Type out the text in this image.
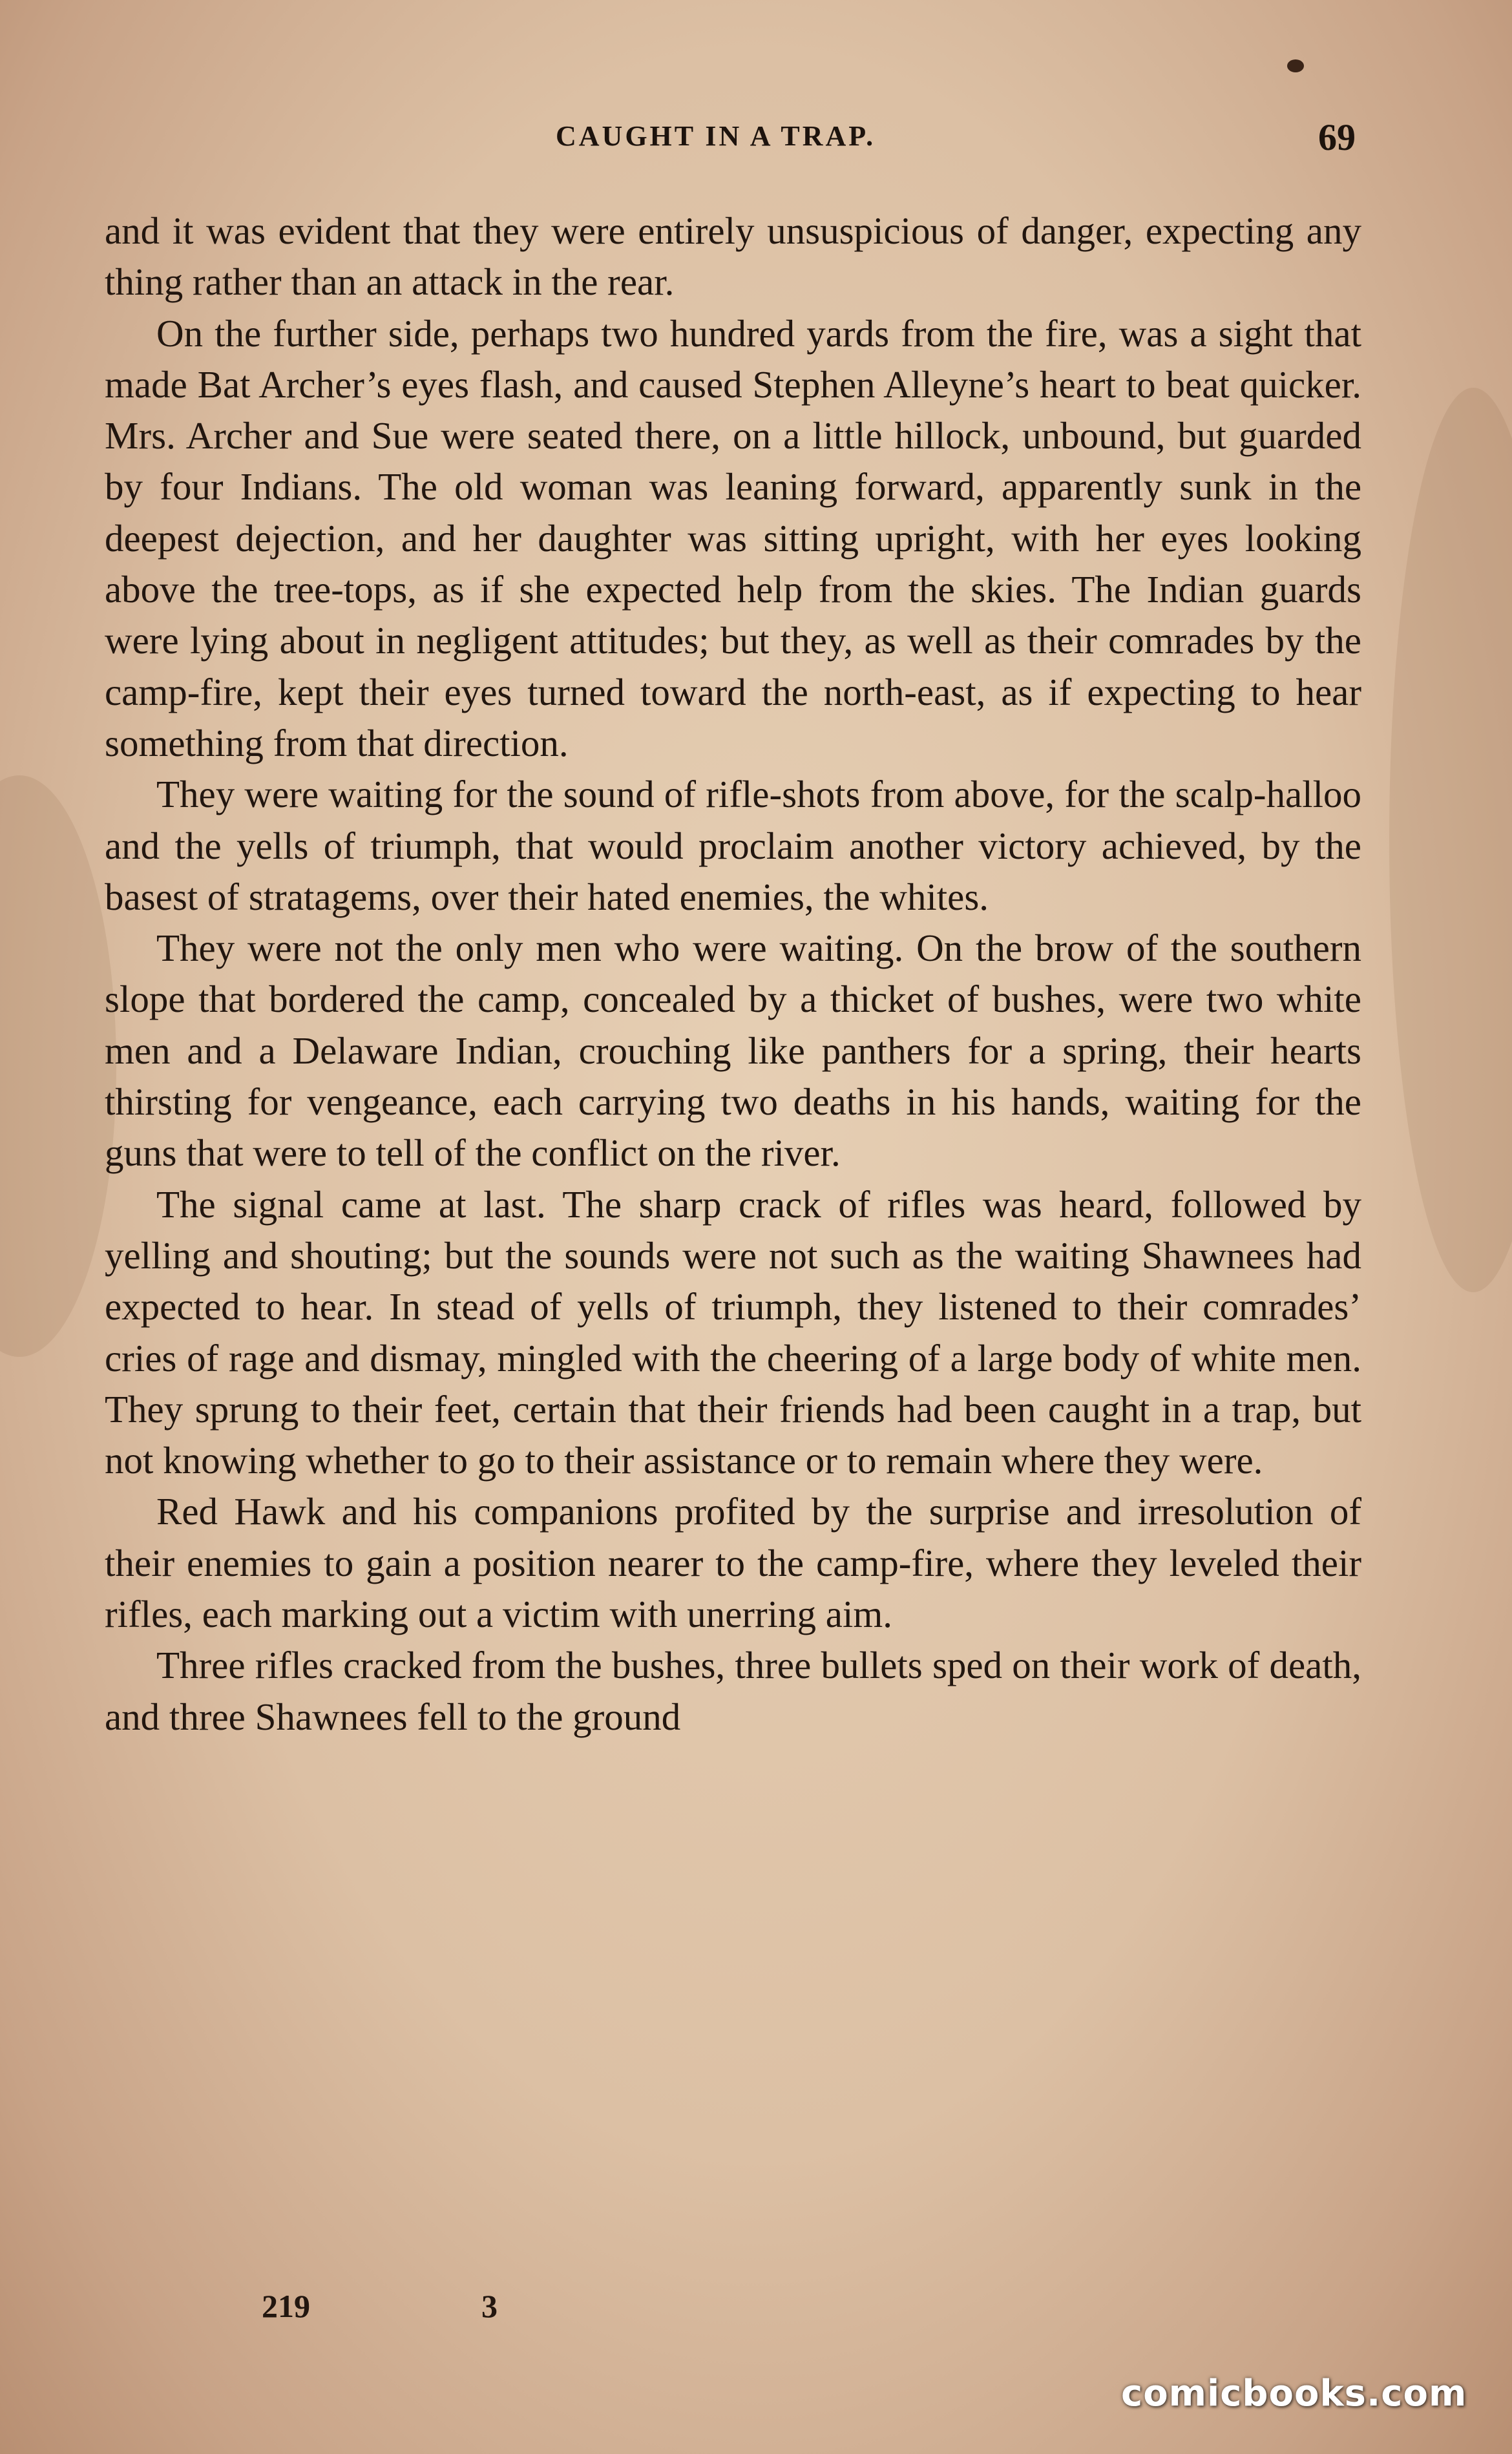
CAUGHT IN A TRAP.	69

and it was evident that they were entirely unsuspicious of danger, expecting any thing rather than an attack in the rear.

On the further side, perhaps two hundred yards from the fire, was a sight that made Bat Archer’s eyes flash, and caused Stephen Alleyne’s heart to beat quicker. Mrs. Archer and Sue were seated there, on a little hillock, unbound, but guarded by four Indians. The old woman was leaning forward, apparently sunk in the deepest dejection, and her daughter was sitting upright, with her eyes looking above the tree-tops, as if she expected help from the skies. The Indian guards were lying about in negligent attitudes; but they, as well as their comrades by the camp-fire, kept their eyes turned toward the north-east, as if expecting to hear something from that direction.

They were waiting for the sound of rifle-shots from above, for the scalp-halloo and the yells of triumph, that would proclaim another victory achieved, by the basest of stratagems, over their hated enemies, the whites.

They were not the only men who were waiting. On the brow of the southern slope that bordered the camp, concealed by a thicket of bushes, were two white men and a Delaware Indian, crouching like panthers for a spring, their hearts thirsting for vengeance, each carrying two deaths in his hands, waiting for the guns that were to tell of the conflict on the river.

The signal came at last. The sharp crack of rifles was heard, followed by yelling and shouting; but the sounds were not such as the waiting Shawnees had expected to hear. In stead of yells of triumph, they listened to their comrades’ cries of rage and dismay, mingled with the cheering of a large body of white men. They sprung to their feet, certain that their friends had been caught in a trap, but not knowing whether to go to their assistance or to remain where they were.

Red Hawk and his companions profited by the surprise and irresolution of their enemies to gain a position nearer to the camp-fire, where they leveled their rifles, each marking out a victim with unerring aim.

Three rifles cracked from the bushes, three bullets sped on their work of death, and three Shawnees fell to the ground

219	3
comicbooks.com
